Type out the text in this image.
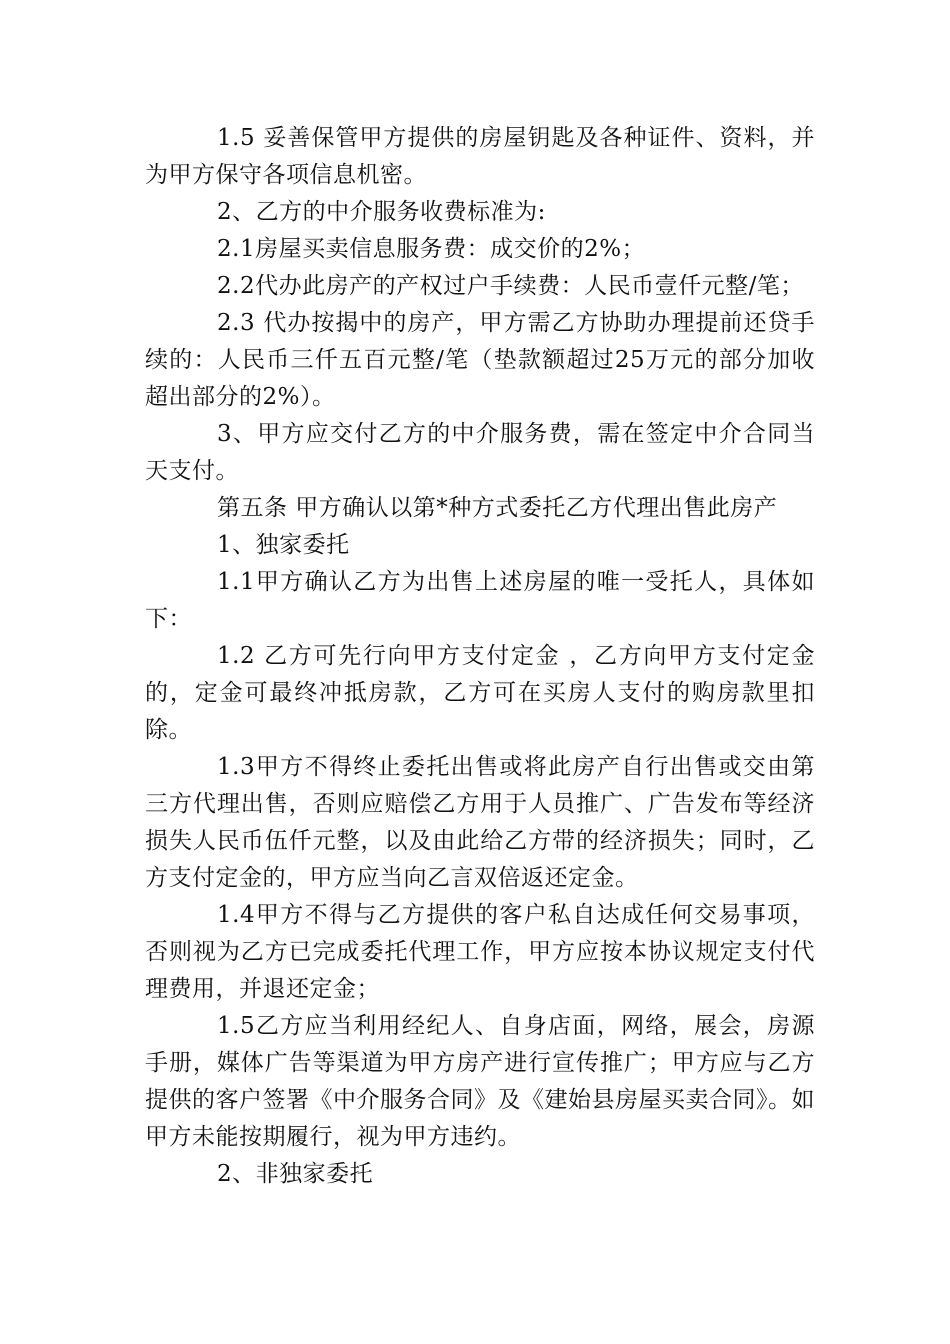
1.5 妥善保管甲方提供的房屋钥匙及各种证件、资料，并为甲方保守各项信息机密。

2、乙方的中介服务收费标准为:

2.1房屋买卖信息服务费：成交价的2%；

2.2代办此房产的产权过户手续费：人民币壹仟元整/笔；

2.3 代办按揭中的房产，甲方需乙方协助办理提前还贷手续的：人民币三仟五百元整/笔（垫款额超过25万元的部分加收超出部分的2%）。

3、甲方应交付乙方的中介服务费，需在签定中介合同当天支付。

第五条 甲方确认以第*种方式委托乙方代理出售此房产

1、独家委托

1.1甲方确认乙方为出售上述房屋的唯一受托人，具体如下：

1.2 乙方可先行向甲方支付定金 ，乙方向甲方支付定金的，定金可最终冲抵房款，乙方可在买房人支付的购房款里扣除。

1.3甲方不得终止委托出售或将此房产自行出售或交由第三方代理出售，否则应赔偿乙方用于人员推广、广告发布等经济损失人民币伍仟元整，以及由此给乙方带的经济损失；同时，乙方支付定金的，甲方应当向乙言双倍返还定金。

1.4甲方不得与乙方提供的客户私自达成任何交易事项，否则视为乙方已完成委托代理工作，甲方应按本协议规定支付代理费用，并退还定金；

1.5乙方应当利用经纪人、自身店面，网络，展会，房源手册，媒体广告等渠道为甲方房产进行宣传推广；甲方应与乙方提供的客户签署《中介服务合同》及《建始县房屋买卖合同》。如甲方未能按期履行，视为甲方违约。

2、非独家委托
